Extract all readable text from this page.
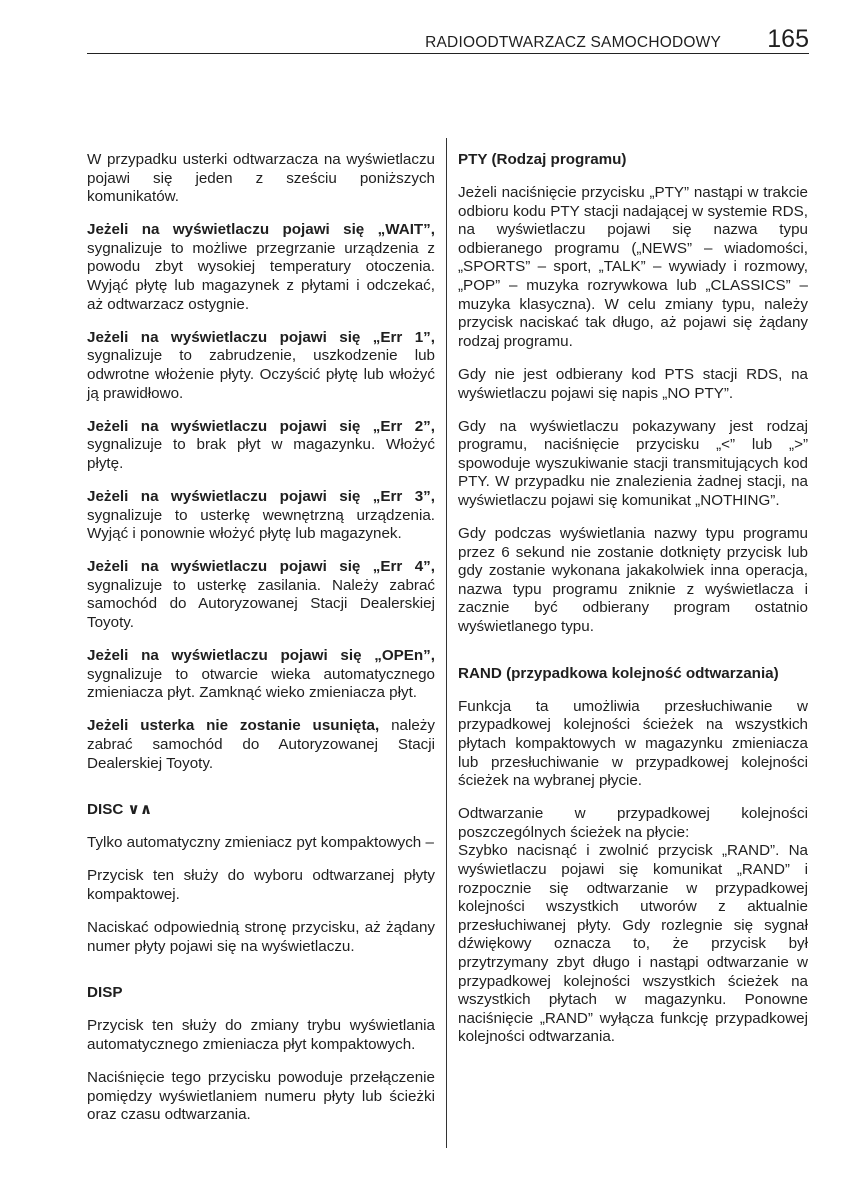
RADIOODTWARZACZ SAMOCHODOWY 165

W przypadku usterki odtwarzacza na wyświetlaczu pojawi się jeden z sześciu poniższych komunikatów.

Jeżeli na wyświetlaczu pojawi się „WAIT”, sygnalizuje to możliwe przegrzanie urządzenia z powodu zbyt wysokiej temperatury otoczenia. Wyjąć płytę lub magazynek z płytami i odczekać, aż odtwarzacz ostygnie.

Jeżeli na wyświetlaczu pojawi się „Err 1”, sygnalizuje to zabrudzenie, uszkodzenie lub odwrotne włożenie płyty. Oczyścić płytę lub włożyć ją prawidłowo.

Jeżeli na wyświetlaczu pojawi się „Err 2”, sygnalizuje to brak płyt w magazynku. Włożyć płytę.

Jeżeli na wyświetlaczu pojawi się „Err 3”, sygnalizuje to usterkę wewnętrzną urządzenia. Wyjąć i ponownie włożyć płytę lub magazynek.

Jeżeli na wyświetlaczu pojawi się „Err 4”, sygnalizuje to usterkę zasilania. Należy zabrać samochód do Autoryzowanej Stacji Dealerskiej Toyoty.

Jeżeli na wyświetlaczu pojawi się „OPEn”, sygnalizuje to otwarcie wieka automatycznego zmieniacza płyt. Zamknąć wieko zmieniacza płyt.

Jeżeli usterka nie zostanie usunięta, należy zabrać samochód do Autoryzowanej Stacji Dealerskiej Toyoty.

DISC ∨∧

Tylko automatyczny zmieniacz pyt kompaktowych –

Przycisk ten służy do wyboru odtwarzanej płyty kompaktowej.

Naciskać odpowiednią stronę przycisku, aż żądany numer płyty pojawi się na wyświetlaczu.

DISP

Przycisk ten służy do zmiany trybu wyświetlania automatycznego zmieniacza płyt kompaktowych.

Naciśnięcie tego przycisku powoduje przełączenie pomiędzy wyświetlaniem numeru płyty lub ścieżki oraz czasu odtwarzania.

PTY (Rodzaj programu)

Jeżeli naciśnięcie przycisku „PTY” nastąpi w trakcie odbioru kodu PTY stacji nadającej w systemie RDS, na wyświetlaczu pojawi się nazwa typu odbieranego programu („NEWS” – wiadomości, „SPORTS” – sport, „TALK” – wywiady i rozmowy, „POP” – muzyka rozrywkowa lub „CLASSICS” – muzyka klasyczna). W celu zmiany typu, należy przycisk naciskać tak długo, aż pojawi się żądany rodzaj programu.

Gdy nie jest odbierany kod PTS stacji RDS, na wyświetlaczu pojawi się napis „NO PTY”.

Gdy na wyświetlaczu pokazywany jest rodzaj programu, naciśnięcie przycisku „<” lub „>” spowoduje wyszukiwanie stacji transmitujących kod PTY. W przypadku nie znalezienia żadnej stacji, na wyświetlaczu pojawi się komunikat „NOTHING”.

Gdy podczas wyświetlania nazwy typu programu przez 6 sekund nie zostanie dotknięty przycisk lub gdy zostanie wykonana jakakolwiek inna operacja, nazwa typu programu zniknie z wyświetlacza i zacznie być odbierany program ostatnio wyświetlanego typu.

RAND (przypadkowa kolejność odtwarzania)

Funkcja ta umożliwia przesłuchiwanie w przypadkowej kolejności ścieżek na wszystkich płytach kompaktowych w magazynku zmieniacza lub przesłuchiwanie w przypadkowej kolejności ścieżek na wybranej płycie.

Odtwarzanie w przypadkowej kolejności poszczególnych ścieżek na płycie:
Szybko nacisnąć i zwolnić przycisk „RAND”. Na wyświetlaczu pojawi się komunikat „RAND” i rozpocznie się odtwarzanie w przypadkowej kolejności wszystkich utworów z aktualnie przesłuchiwanej płyty. Gdy rozlegnie się sygnał dźwiękowy oznacza to, że przycisk był przytrzymany zbyt długo i nastąpi odtwarzanie w przypadkowej kolejności wszystkich ścieżek na wszystkich płytach w magazynku. Ponowne naciśnięcie „RAND” wyłącza funkcję przypadkowej kolejności odtwarzania.
